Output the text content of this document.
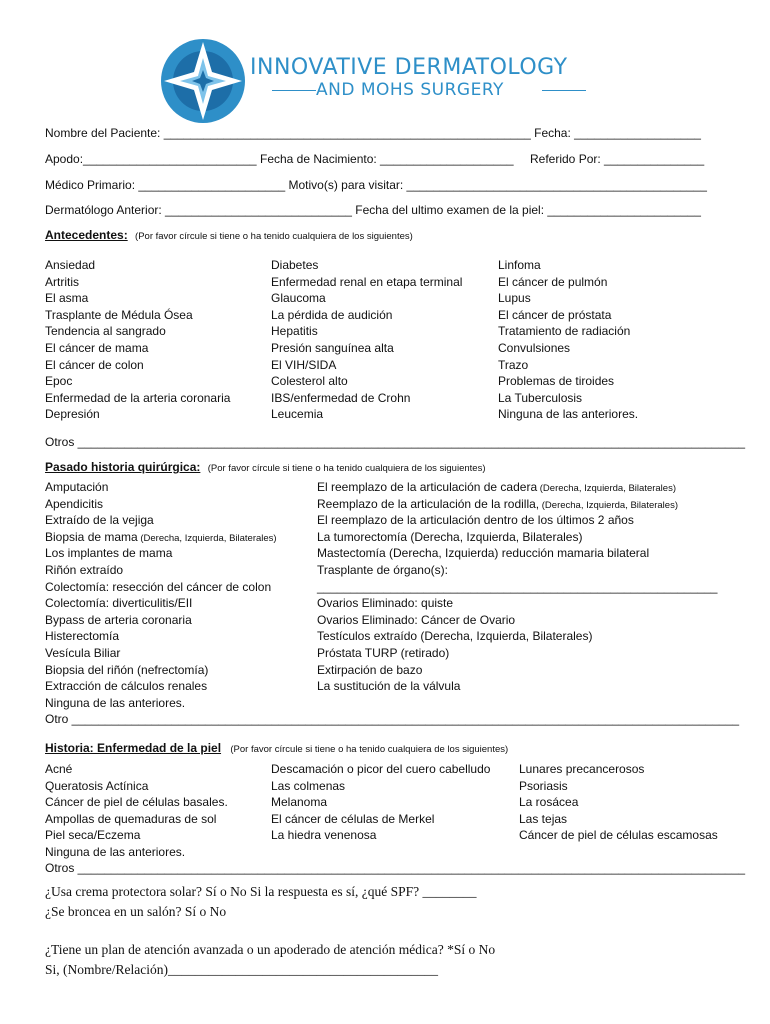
INNOVATIVE DERMATOLOGY
AND MOHS SURGERY
Nombre del Paciente: _______________________________________________________ Fecha: ___________________
Apodo:__________________________ Fecha de Nacimiento: ____________________ Referido Por: _______________
Médico Primario: ______________________ Motivo(s) para visitar: _____________________________________________
Dermatólogo Anterior: ____________________________ Fecha del ultimo examen de la piel: _______________________
Antecedentes: (Por favor círcule si tiene o ha tenido cualquiera de los siguientes)
Ansiedad
Artritis
El asma
Trasplante de Médula Ósea
Tendencia al sangrado
El cáncer de mama
El cáncer de colon
Epoc
Enfermedad de la arteria coronaria
Depresión
Diabetes
Enfermedad renal en etapa terminal
Glaucoma
La pérdida de audición
Hepatitis
Presión sanguínea alta
El VIH/SIDA
Colesterol alto
IBS/enfermedad de Crohn
Leucemia
Linfoma
El cáncer de pulmón
Lupus
El cáncer de próstata
Tratamiento de radiación
Convulsiones
Trazo
Problemas de tiroides
La Tuberculosis
Ninguna de las anteriores.
Otros ____________________________________________________________________________________________________
Pasado historia quirúrgica: (Por favor círcule si tiene o ha tenido cualquiera de los siguientes)
Amputación
Apendicitis
Extraído de la vejiga
Biopsia de mama (Derecha, Izquierda, Bilaterales)
Los implantes de mama
Riñón extraído
Colectomía: resección del cáncer de colon
Colectomía: diverticulitis/EII
Bypass de arteria coronaria
Histerectomía
Vesícula Biliar
Biopsia del riñón (nefrectomía)
Extracción de cálculos renales
Ninguna de las anteriores.
El reemplazo de la articulación de cadera (Derecha, Izquierda, Bilaterales)
Reemplazo de la articulación de la rodilla, (Derecha, Izquierda, Bilaterales)
El reemplazo de la articulación dentro de los últimos 2 años
La tumorectomía (Derecha, Izquierda, Bilaterales)
Mastectomía (Derecha, Izquierda) reducción mamaria bilateral
Trasplante de órgano(s):
____________________________________________________________
Ovarios Eliminado: quiste
Ovarios Eliminado: Cáncer de Ovario
Testículos extraído (Derecha, Izquierda, Bilaterales)
Próstata TURP (retirado)
Extirpación de bazo
La sustitución de la válvula
Otro ____________________________________________________________________________________________________
Historia: Enfermedad de la piel (Por favor círcule si tiene o ha tenido cualquiera de los siguientes)
Acné
Queratosis Actínica
Cáncer de piel de células basales.
Ampollas de quemaduras de sol
Piel seca/Eczema
Ninguna de las anteriores.
Descamación o picor del cuero cabelludo
Las colmenas
Melanoma
El cáncer de células de Merkel
La hiedra venenosa
Lunares precancerosos
Psoriasis
La rosácea
Las tejas
Cáncer de piel de células escamosas
Otros ____________________________________________________________________________________________________
¿Usa crema protectora solar? Sí o No Si la respuesta es sí, ¿qué SPF? ________
¿Se broncea en un salón? Sí o No
¿Tiene un plan de atención avanzada o un apoderado de atención médica? *Sí o No
Si, (Nombre/Relación)________________________________________
